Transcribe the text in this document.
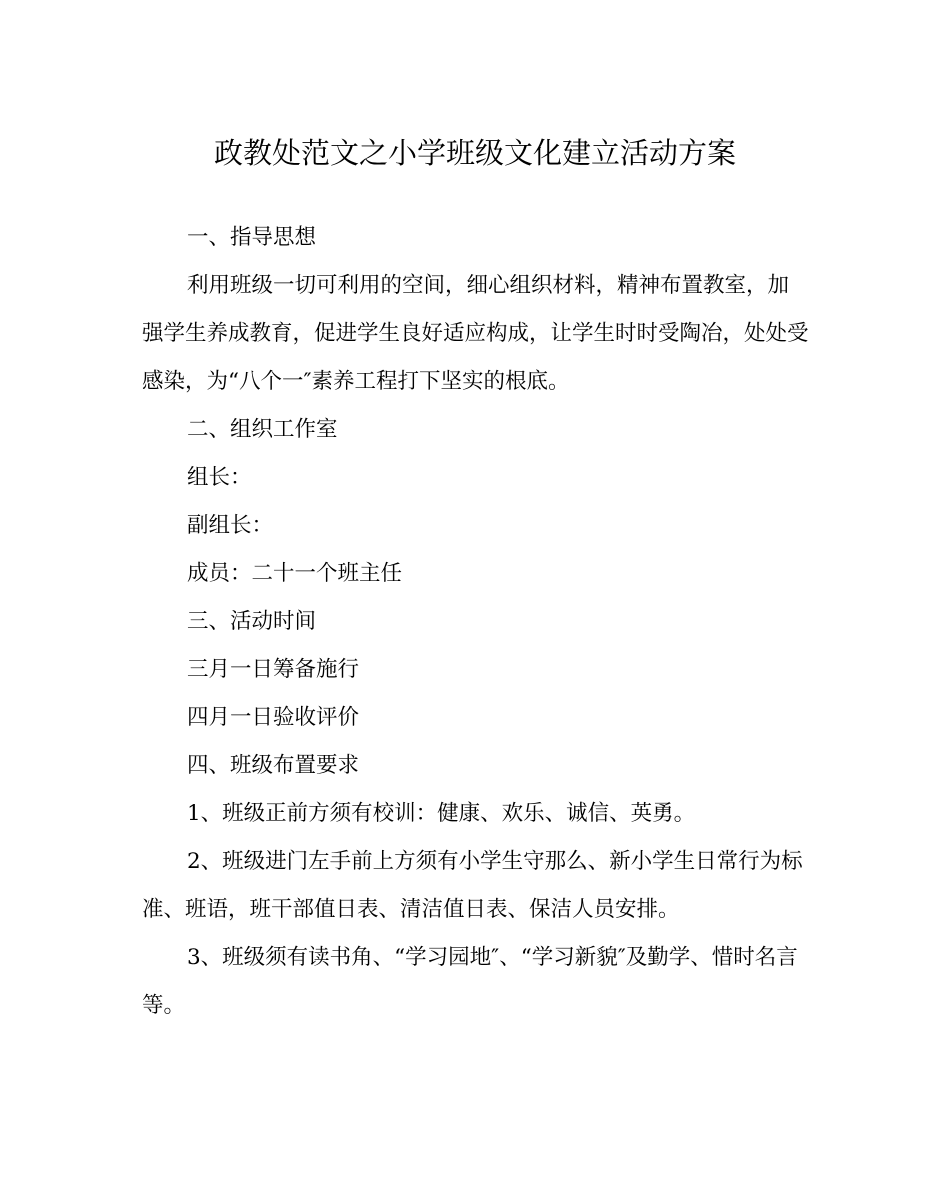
政教处范文之小学班级文化建立活动方案

一、指导思想

利用班级一切可利用的空间，细心组织材料，精神布置教室，加强学生养成教育，促进学生良好适应构成，让学生时时受陶冶，处处受感染，为“八个一″素养工程打下坚实的根底。

二、组织工作室

组长：

副组长：

成员：二十一个班主任

三、活动时间

三月一日筹备施行

四月一日验收评价

四、班级布置要求

1、班级正前方须有校训：健康、欢乐、诚信、英勇。

2、班级进门左手前上方须有小学生守那么、新小学生日常行为标准、班语，班干部值日表、清洁值日表、保洁人员安排。

3、班级须有读书角、“学习园地″、“学习新貌″及勤学、惜时名言等。
